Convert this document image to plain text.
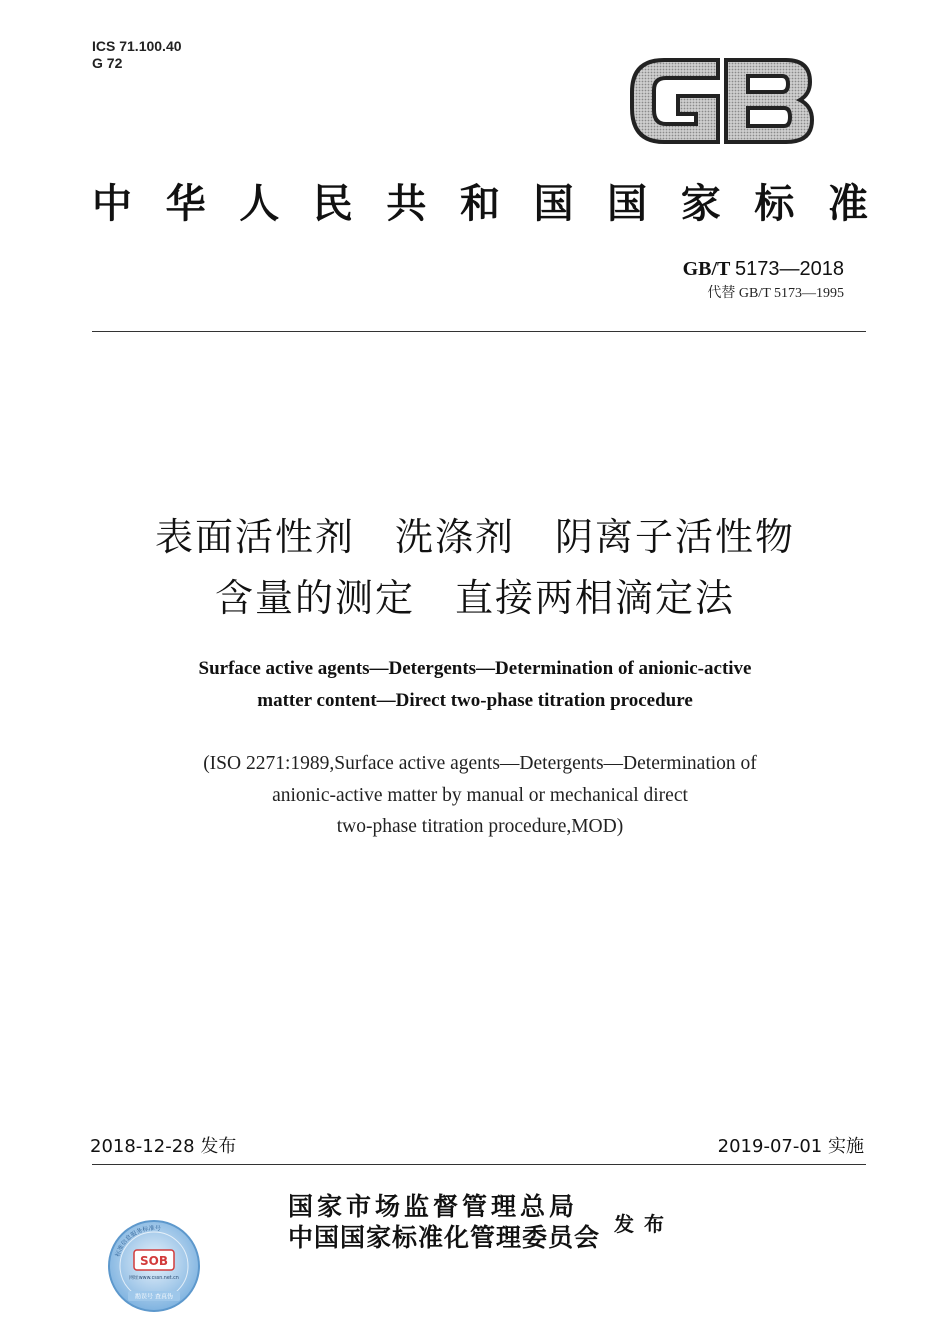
ICS 71.100.40
G 72
中 华 人 民 共 和 国 国 家 标 准
GB/T 5173—2018
代替 GB/T 5173—1995
表面活性剂　洗涤剂　阴离子活性物
含量的测定　直接两相滴定法
Surface active agents—Detergents—Determination of anionic-active
matter content—Direct two-phase titration procedure
(ISO 2271:1989,Surface active agents—Detergents—Determination of
anionic-active matter by manual or mechanical direct
two-phase titration procedure,MOD)
2018-12-28 发布	2019-07-01 实施
国家市场监督管理总局
中国国家标准化管理委员会 发布
标准信息服务标准号
SOB
网址www.cssn.net.cn
勘误号 查真伪
